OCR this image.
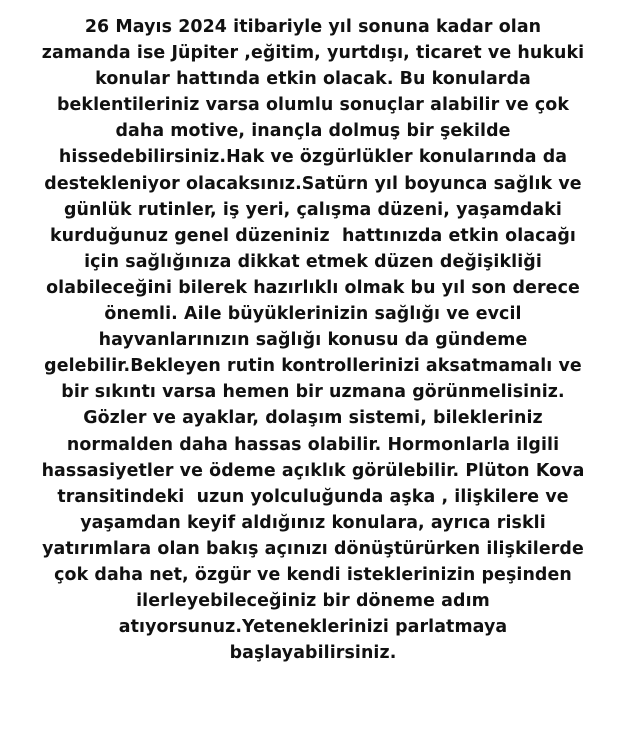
26 Mayıs 2024 itibariyle yıl sonuna kadar olan
zamanda ise Jüpiter ,eğitim, yurtdışı, ticaret ve hukuki
konular hattında etkin olacak. Bu konularda
beklentileriniz varsa olumlu sonuçlar alabilir ve çok
daha motive, inançla dolmuş bir şekilde
hissedebilirsiniz.Hak ve özgürlükler konularında da
destekleniyor olacaksınız.Satürn yıl boyunca sağlık ve
günlük rutinler, iş yeri, çalışma düzeni, yaşamdaki
kurduğunuz genel düzeniniz  hattınızda etkin olacağı
için sağlığınıza dikkat etmek düzen değişikliği
olabileceğini bilerek hazırlıklı olmak bu yıl son derece
önemli. Aile büyüklerinizin sağlığı ve evcil
hayvanlarınızın sağlığı konusu da gündeme
gelebilir.Bekleyen rutin kontrollerinizi aksatmamalı ve
bir sıkıntı varsa hemen bir uzmana görünmelisiniz.
Gözler ve ayaklar, dolaşım sistemi, bilekleriniz
normalden daha hassas olabilir. Hormonlarla ilgili
hassasiyetler ve ödeme açıklık görülebilir. Plüton Kova
transitindeki  uzun yolculuğunda aşka , ilişkilere ve
yaşamdan keyif aldığınız konulara, ayrıca riskli
yatırımlara olan bakış açınızı dönüştürürken ilişkilerde
çok daha net, özgür ve kendi isteklerinizin peşinden
ilerleyebileceğiniz bir döneme adım
atıyorsunuz.Yeteneklerinizi parlatmaya
başlayabilirsiniz.
